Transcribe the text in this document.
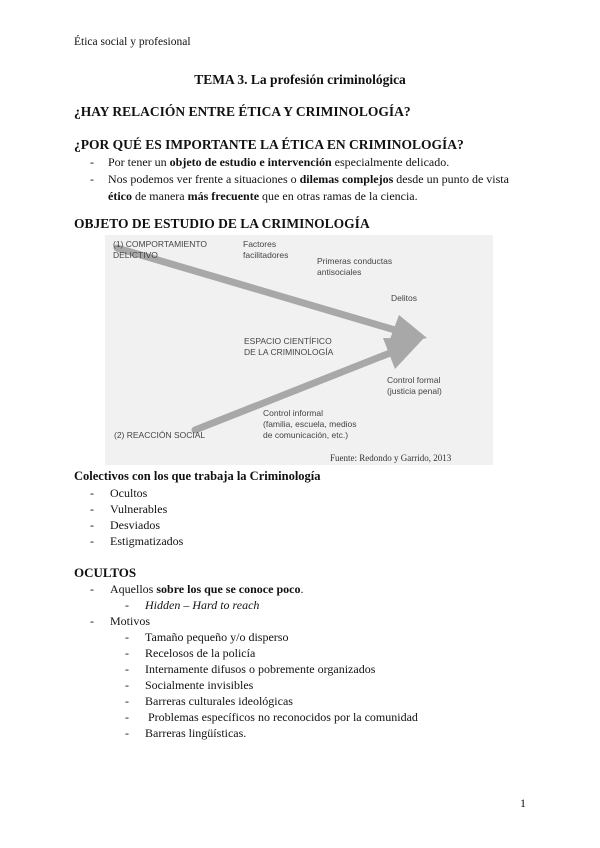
Ética social y profesional
TEMA 3. La profesión criminológica
¿HAY RELACIÓN ENTRE ÉTICA Y CRIMINOLOGÍA?
¿POR QUÉ ES IMPORTANTE LA ÉTICA EN CRIMINOLOGÍA?
- Por tener un objeto de estudio e intervención especialmente delicado.
- Nos podemos ver frente a situaciones o dilemas complejos desde un punto de vista ético de manera más frecuente que en otras ramas de la ciencia.
OBJETO DE ESTUDIO DE LA CRIMINOLOGÍA
(1) COMPORTAMIENTO
DELICTIVO
Factores
facilitadores
Primeras conductas
antisociales
Delitos
ESPACIO CIENTÍFICO
DE LA CRIMINOLOGÍA
Control formal
(justicia penal)
Control informal
(familia, escuela, medios
de comunicación, etc.)
(2) REACCIÓN SOCIAL
Fuente: Redondo y Garrido, 2013
Colectivos con los que trabaja la Criminología
- Ocultos
- Vulnerables
- Desviados
- Estigmatizados
OCULTOS
- Aquellos sobre los que se conoce poco.
- Hidden – Hard to reach
- Motivos
- Tamaño pequeño y/o disperso
- Recelosos de la policía
- Internamente difusos o pobremente organizados
- Socialmente invisibles
- Barreras culturales ideológicas
- Problemas específicos no reconocidos por la comunidad
- Barreras lingüísticas.
1
